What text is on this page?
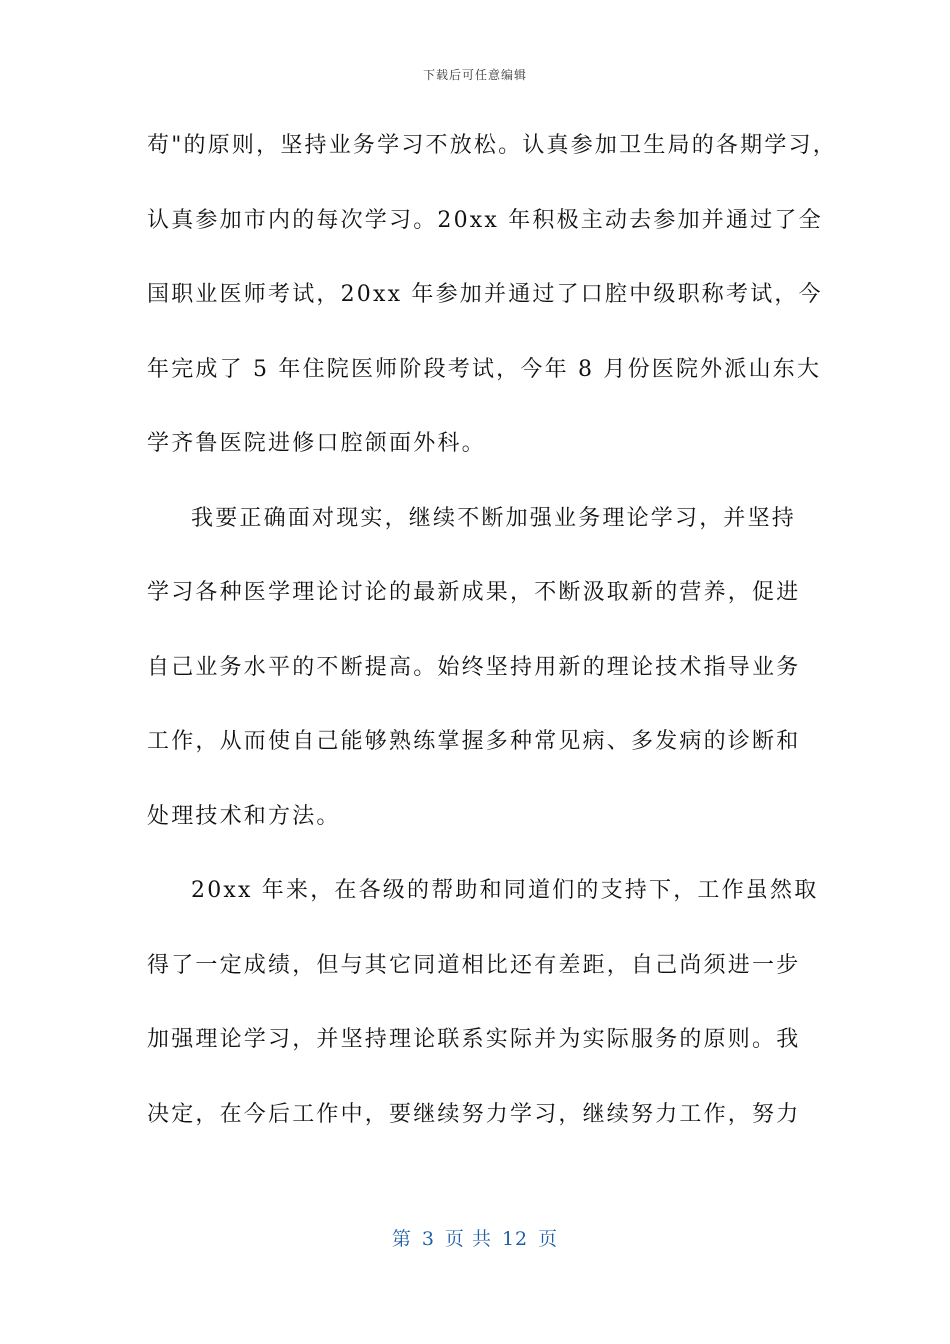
下载后可任意编辑
苟"的原则，坚持业务学习不放松。认真参加卫生局的各期学习，
认真参加市内的每次学习。20xx 年积极主动去参加并通过了全
国职业医师考试，20xx 年参加并通过了口腔中级职称考试，今
年完成了 5 年住院医师阶段考试，今年 8 月份医院外派山东大
学齐鲁医院进修口腔颌面外科。
我要正确面对现实，继续不断加强业务理论学习，并坚持
学习各种医学理论讨论的最新成果，不断汲取新的营养，促进
自己业务水平的不断提高。始终坚持用新的理论技术指导业务
工作，从而使自己能够熟练掌握多种常见病、多发病的诊断和
处理技术和方法。
20xx 年来，在各级的帮助和同道们的支持下，工作虽然取
得了一定成绩，但与其它同道相比还有差距，自己尚须进一步
加强理论学习，并坚持理论联系实际并为实际服务的原则。我
决定，在今后工作中，要继续努力学习，继续努力工作，努力
第 3 页 共 12 页
